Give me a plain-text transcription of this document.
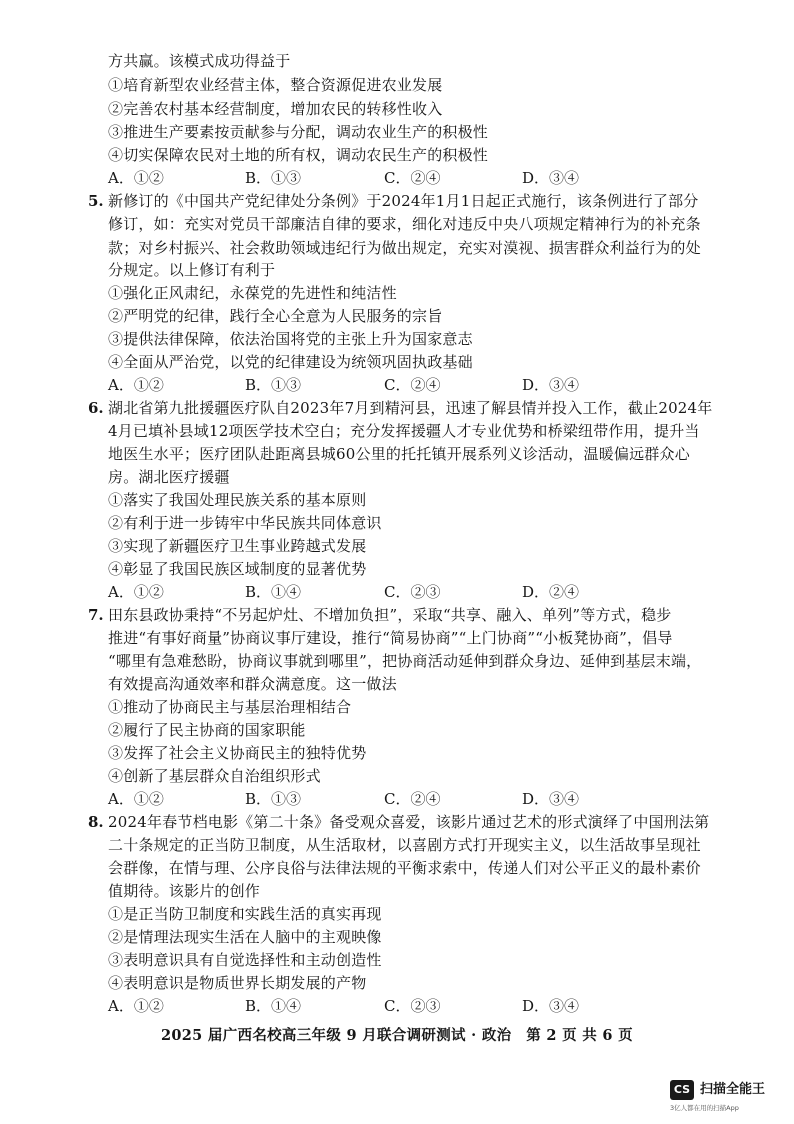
方共赢。该模式成功得益于
①培育新型农业经营主体，整合资源促进农业发展
②完善农村基本经营制度，增加农民的转移性收入
③推进生产要素按贡献参与分配，调动农业生产的积极性
④切实保障农民对土地的所有权，调动农民生产的积极性
A．①②	B．①③	C．②④	D．③④
5. 新修订的《中国共产党纪律处分条例》于2024年1月1日起正式施行，该条例进行了部分
修订，如：充实对党员干部廉洁自律的要求，细化对违反中央八项规定精神行为的补充条
款；对乡村振兴、社会救助领域违纪行为做出规定，充实对漠视、损害群众利益行为的处
分规定。以上修订有利于
①强化正风肃纪，永葆党的先进性和纯洁性
②严明党的纪律，践行全心全意为人民服务的宗旨
③提供法律保障，依法治国将党的主张上升为国家意志
④全面从严治党，以党的纪律建设为统领巩固执政基础
A．①②	B．①③	C．②④	D．③④
6. 湖北省第九批援疆医疗队自2023年7月到精河县，迅速了解县情并投入工作，截止2024年
4月已填补县域12项医学技术空白；充分发挥援疆人才专业优势和桥梁纽带作用，提升当
地医生水平；医疗团队赴距离县城60公里的托托镇开展系列义诊活动，温暖偏远群众心
房。湖北医疗援疆
①落实了我国处理民族关系的基本原则
②有利于进一步铸牢中华民族共同体意识
③实现了新疆医疗卫生事业跨越式发展
④彰显了我国民族区域制度的显著优势
A．①②	B．①④	C．②③	D．②④
7. 田东县政协秉持“不另起炉灶、不增加负担”，采取“共享、融入、单列”等方式，稳步
推进“有事好商量”协商议事厅建设，推行“简易协商”“上门协商”“小板凳协商”，倡导
“哪里有急难愁盼，协商议事就到哪里”，把协商活动延伸到群众身边、延伸到基层末端，
有效提高沟通效率和群众满意度。这一做法
①推动了协商民主与基层治理相结合
②履行了民主协商的国家职能
③发挥了社会主义协商民主的独特优势
④创新了基层群众自治组织形式
A．①②	B．①③	C．②④	D．③④
8. 2024年春节档电影《第二十条》备受观众喜爱，该影片通过艺术的形式演绎了中国刑法第
二十条规定的正当防卫制度，从生活取材，以喜剧方式打开现实主义，以生活故事呈现社
会群像，在情与理、公序良俗与法律法规的平衡求索中，传递人们对公平正义的最朴素价
值期待。该影片的创作
①是正当防卫制度和实践生活的真实再现
②是情理法现实生活在人脑中的主观映像
③表明意识具有自觉选择性和主动创造性
④表明意识是物质世界长期发展的产物
A．①②	B．①④	C．②③	D．③④
2025 届广西名校高三年级 9 月联合调研测试 · 政治　第 2 页 共 6 页
CS 扫描全能王
3亿人都在用的扫描App
